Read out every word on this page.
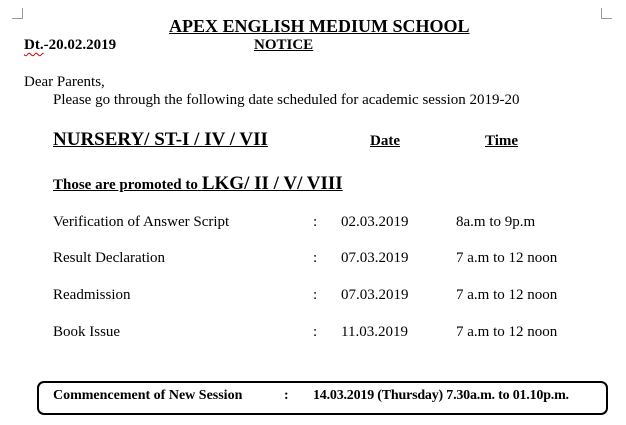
APEX ENGLISH MEDIUM SCHOOL
Dt.-20.02.2019	NOTICE
Dear Parents,
Please go through the following date scheduled for academic session 2019-20
NURSERY/ ST-I / IV / VII	Date	Time
Those are promoted to LKG/ II / V/ VIII
Verification of Answer Script	: 02.03.2019	8a.m to 9p.m
Result Declaration	: 07.03.2019	7 a.m to 12 noon
Readmission	: 07.03.2019	7 a.m to 12 noon
Book Issue	: 11.03.2019	7 a.m to 12 noon
Commencement of New Session	: 14.03.2019 (Thursday) 7.30a.m. to 01.10p.m.
